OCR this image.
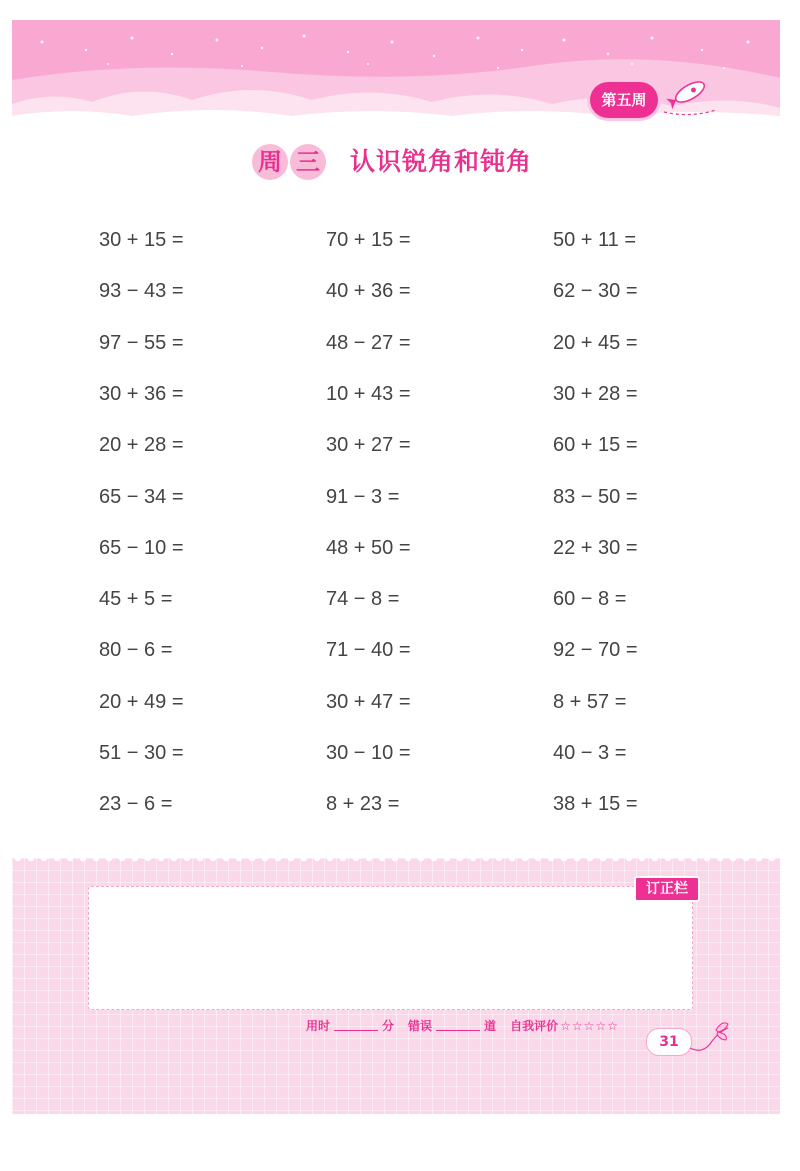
第五周
周 三 认识锐角和钝角
30 + 15 =	70 + 15 =	50 + 11 =
93 − 43 =	40 + 36 =	62 − 30 =
97 − 55 =	48 − 27 =	20 + 45 =
30 + 36 =	10 + 43 =	30 + 28 =
20 + 28 =	30 + 27 =	60 + 15 =
65 − 34 =	91 − 3 =	83 − 50 =
65 − 10 =	48 + 50 =	22 + 30 =
45 + 5 =	74 − 8 =	60 − 8 =
80 − 6 =	71 − 40 =	92 − 70 =
20 + 49 =	30 + 47 =	8 + 57 =
51 − 30 =	30 − 10 =	40 − 3 =
23 − 6 =	8 + 23 =	38 + 15 =
订正栏
用时	分 错误	道 自我评价 ☆☆☆☆☆
31
